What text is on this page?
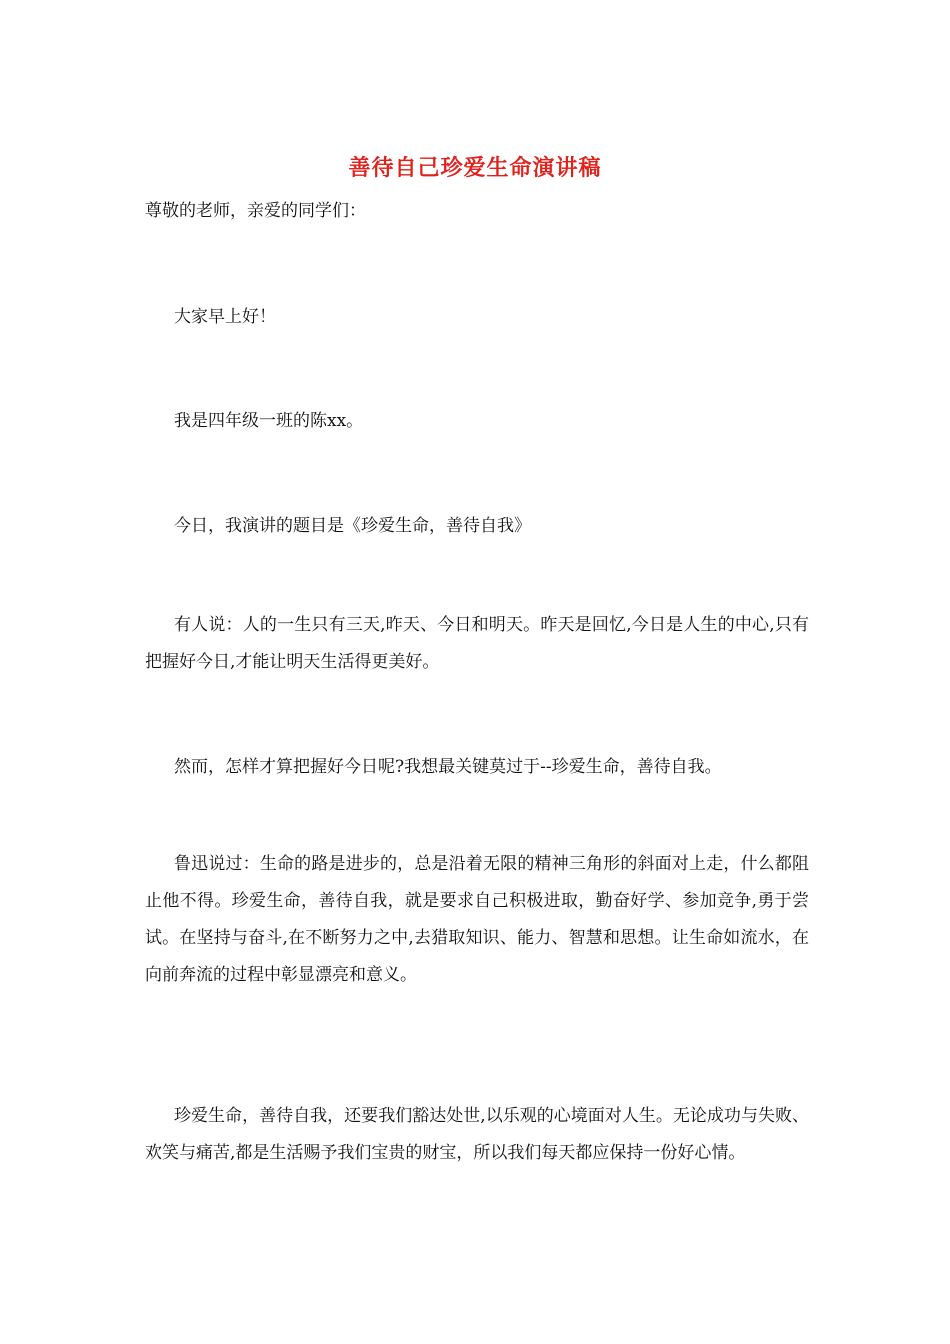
善待自己珍爱生命演讲稿
尊敬的老师，亲爱的同学们：

大家早上好！

我是四年级一班的陈xx。

今日，我演讲的题目是《珍爱生命，善待自我》

有人说：人的一生只有三天,昨天、今日和明天。昨天是回忆,今日是人生的中心,只有把握好今日,才能让明天生活得更美好。

然而，怎样才算把握好今日呢?我想最关键莫过于--珍爱生命，善待自我。

鲁迅说过：生命的路是进步的，总是沿着无限的精神三角形的斜面对上走，什么都阻止他不得。珍爱生命，善待自我，就是要求自己积极进取，勤奋好学、参加竞争,勇于尝试。在坚持与奋斗,在不断努力之中,去猎取知识、能力、智慧和思想。让生命如流水，在向前奔流的过程中彰显漂亮和意义。

珍爱生命，善待自我，还要我们豁达处世,以乐观的心境面对人生。无论成功与失败、欢笑与痛苦,都是生活赐予我们宝贵的财宝，所以我们每天都应保持一份好心情。
